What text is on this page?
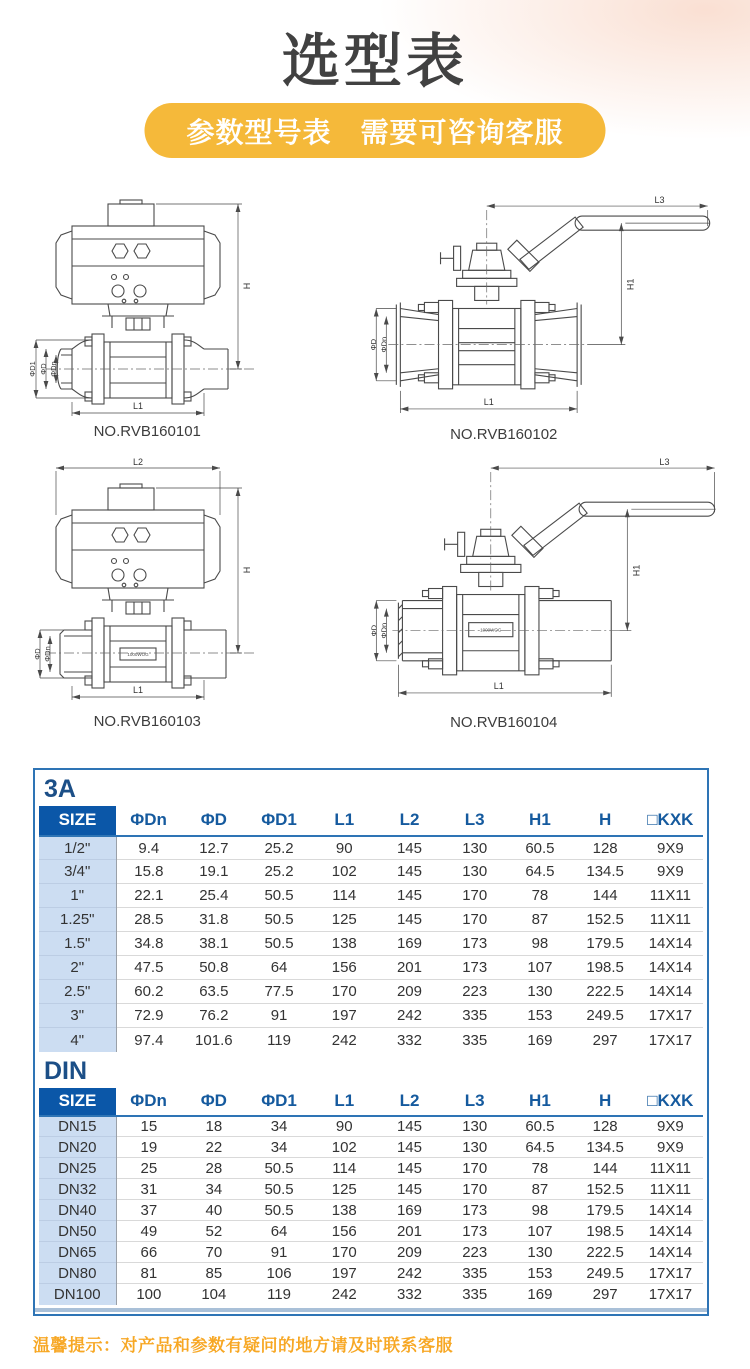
选型表
参数型号表　需要可咨询客服
H
L1
ΦD1 ΦD ΦDn
NO.RVB160101
L3
H1
L1
ΦD ΦDn
NO.RVB160102
1000WOG
L2
H
L1
ΦD ΦDn
NO.RVB160103
1000WOG
L3
H1
L1
ΦD ΦDn
NO.RVB160104
3A
SIZE	ΦDn	ΦD	ΦD1	L1	L2	L3	H1	H	□KXK
1/2"	9.4	12.7	25.2	90	145	130	60.5	128	9X9
3/4"	15.8	19.1	25.2	102	145	130	64.5	134.5	9X9
1"	22.1	25.4	50.5	114	145	170	78	144	11X11
1.25"	28.5	31.8	50.5	125	145	170	87	152.5	11X11
1.5"	34.8	38.1	50.5	138	169	173	98	179.5	14X14
2"	47.5	50.8	64	156	201	173	107	198.5	14X14
2.5"	60.2	63.5	77.5	170	209	223	130	222.5	14X14
3"	72.9	76.2	91	197	242	335	153	249.5	17X17
4"	97.4	101.6	119	242	332	335	169	297	17X17
DIN
SIZE	ΦDn	ΦD	ΦD1	L1	L2	L3	H1	H	□KXK
DN15	15	18	34	90	145	130	60.5	128	9X9
DN20	19	22	34	102	145	130	64.5	134.5	9X9
DN25	25	28	50.5	114	145	170	78	144	11X11
DN32	31	34	50.5	125	145	170	87	152.5	11X11
DN40	37	40	50.5	138	169	173	98	179.5	14X14
DN50	49	52	64	156	201	173	107	198.5	14X14
DN65	66	70	91	170	209	223	130	222.5	14X14
DN80	81	85	106	197	242	335	153	249.5	17X17
DN100	100	104	119	242	332	335	169	297	17X17
温馨提示：对产品和参数有疑问的地方请及时联系客服
